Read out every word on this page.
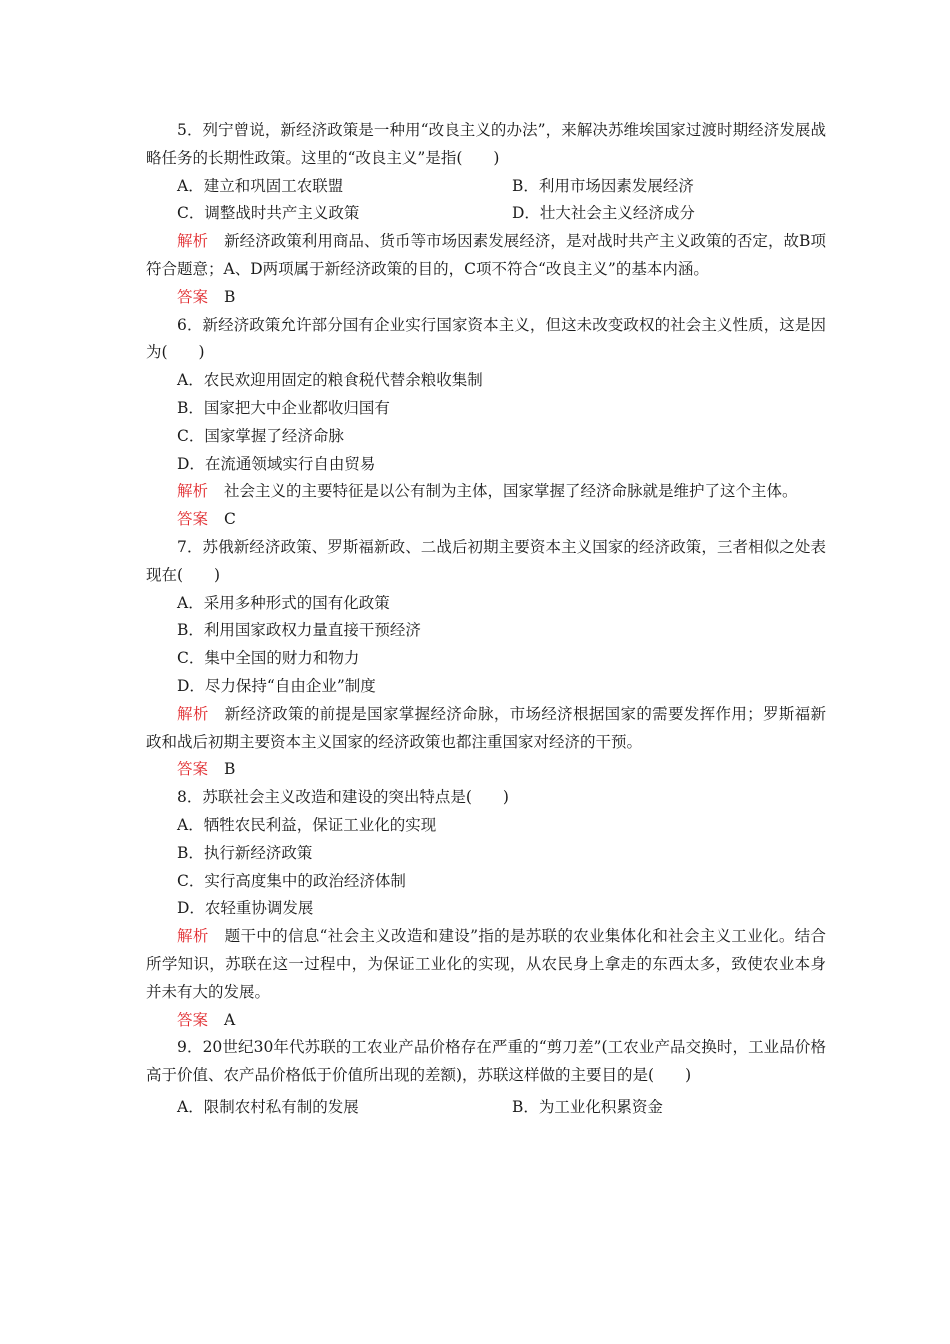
5．列宁曾说，新经济政策是一种用“改良主义的办法”，来解决苏维埃国家过渡时期经济发展战略任务的长期性政策。这里的“改良主义”是指(　　)

A．建立和巩固工农联盟	B．利用市场因素发展经济
C．调整战时共产主义政策	D．壮大社会主义经济成分

解析 新经济政策利用商品、货币等市场因素发展经济，是对战时共产主义政策的否定，故B项符合题意；A、D两项属于新经济政策的目的，C项不符合“改良主义”的基本内涵。

答案 B

6．新经济政策允许部分国有企业实行国家资本主义，但这未改变政权的社会主义性质，这是因为(　　)

A．农民欢迎用固定的粮食税代替余粮收集制

B．国家把大中企业都收归国有

C．国家掌握了经济命脉

D．在流通领域实行自由贸易

解析 社会主义的主要特征是以公有制为主体，国家掌握了经济命脉就是维护了这个主体。

答案 C

7．苏俄新经济政策、罗斯福新政、二战后初期主要资本主义国家的经济政策，三者相似之处表现在(　　)

A．采用多种形式的国有化政策

B．利用国家政权力量直接干预经济

C．集中全国的财力和物力

D．尽力保持“自由企业”制度

解析 新经济政策的前提是国家掌握经济命脉，市场经济根据国家的需要发挥作用；罗斯福新政和战后初期主要资本主义国家的经济政策也都注重国家对经济的干预。

答案 B

8．苏联社会主义改造和建设的突出特点是(　　)

A．牺牲农民利益，保证工业化的实现

B．执行新经济政策

C．实行高度集中的政治经济体制

D．农轻重协调发展

解析 题干中的信息“社会主义改造和建设”指的是苏联的农业集体化和社会主义工业化。结合所学知识，苏联在这一过程中，为保证工业化的实现，从农民身上拿走的东西太多，致使农业本身并未有大的发展。

答案 A

9．20世纪30年代苏联的工农业产品价格存在严重的“剪刀差”(工农业产品交换时，工业品价格高于价值、农产品价格低于价值所出现的差额)，苏联这样做的主要目的是(　　)

A．限制农村私有制的发展	B．为工业化积累资金
